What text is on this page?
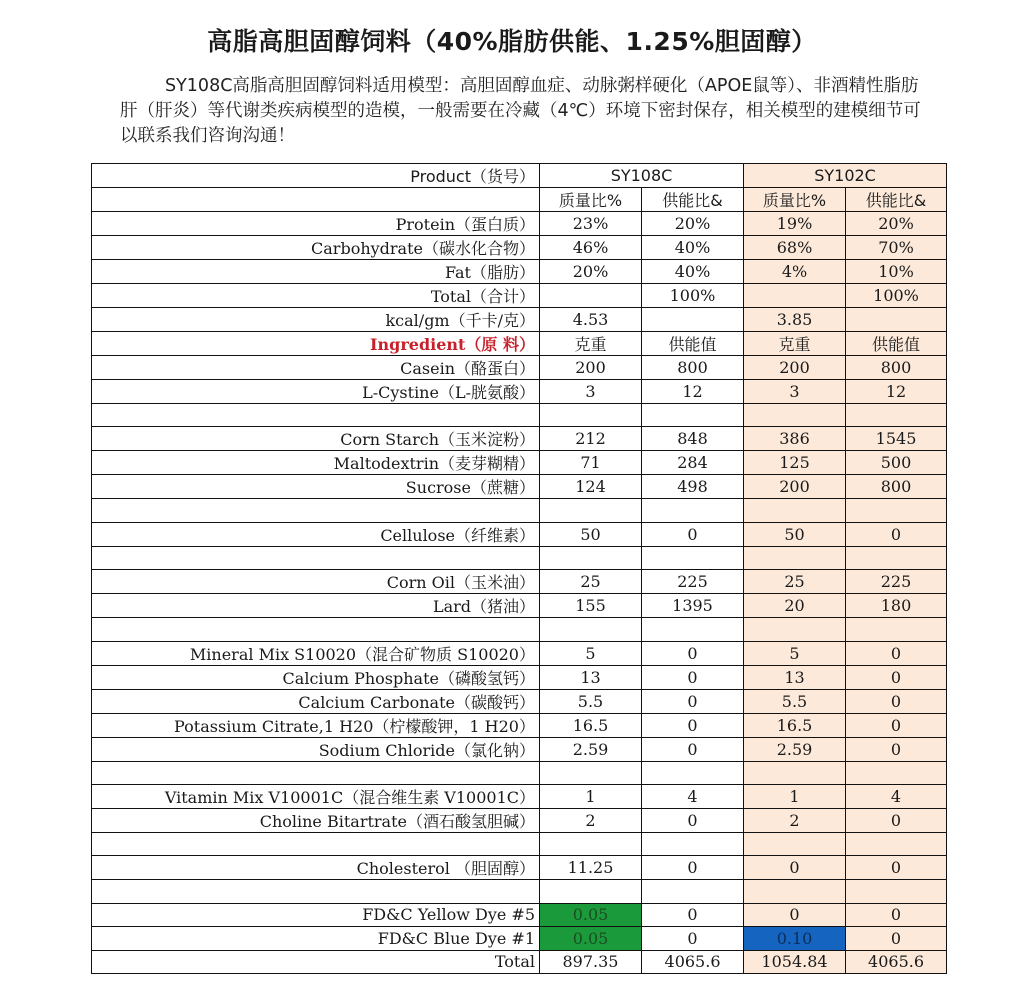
高脂高胆固醇饲料（40%脂肪供能、1.25%胆固醇）
SY108C高脂高胆固醇饲料适用模型：高胆固醇血症、动脉粥样硬化（APOE鼠等）、非酒精性脂肪肝（肝炎）等代谢类疾病模型的造模，一般需要在冷藏（4℃）环境下密封保存，相关模型的建模细节可以联系我们咨询沟通！
Product（货号）	SY108C		SY102C	
	质量比%	供能比&	质量比%	供能比&
Protein（蛋白质）	23%	20%	19%	20%
Carbohydrate（碳水化合物）	46%	40%	68%	70%
Fat（脂肪）	20%	40%	4%	10%
Total（合计）		100%		100%
kcal/gm（千卡/克）	4.53		3.85	
Ingredient（原 料）	克重	供能值	克重	供能值
Casein（酪蛋白）	200	800	200	800
L-Cystine（L-胱氨酸）	3	12	3	12

Corn Starch（玉米淀粉）	212	848	386	1545
Maltodextrin（麦芽糊精）	71	284	125	500
Sucrose（蔗糖）	124	498	200	800

Cellulose（纤维素）	50	0	50	0

Corn Oil（玉米油）	25	225	25	225
Lard（猪油）	155	1395	20	180

Mineral Mix S10020（混合矿物质 S10020）	5	0	5	0
Calcium Phosphate（磷酸氢钙）	13	0	13	0
Calcium Carbonate（碳酸钙）	5.5	0	5.5	0
Potassium Citrate,1 H20（柠檬酸钾，1 H20）	16.5	0	16.5	0
Sodium Chloride（氯化钠）	2.59	0	2.59	0

Vitamin Mix V10001C（混合维生素 V10001C）	1	4	1	4
Choline Bitartrate（酒石酸氢胆碱）	2	0	2	0

Cholesterol （胆固醇）	11.25	0	0	0

FD&C Yellow Dye #5	0.05	0	0	0
FD&C Blue Dye #1	0.05	0	0.10	0
Total	897.35	4065.6	1054.84	4065.6
